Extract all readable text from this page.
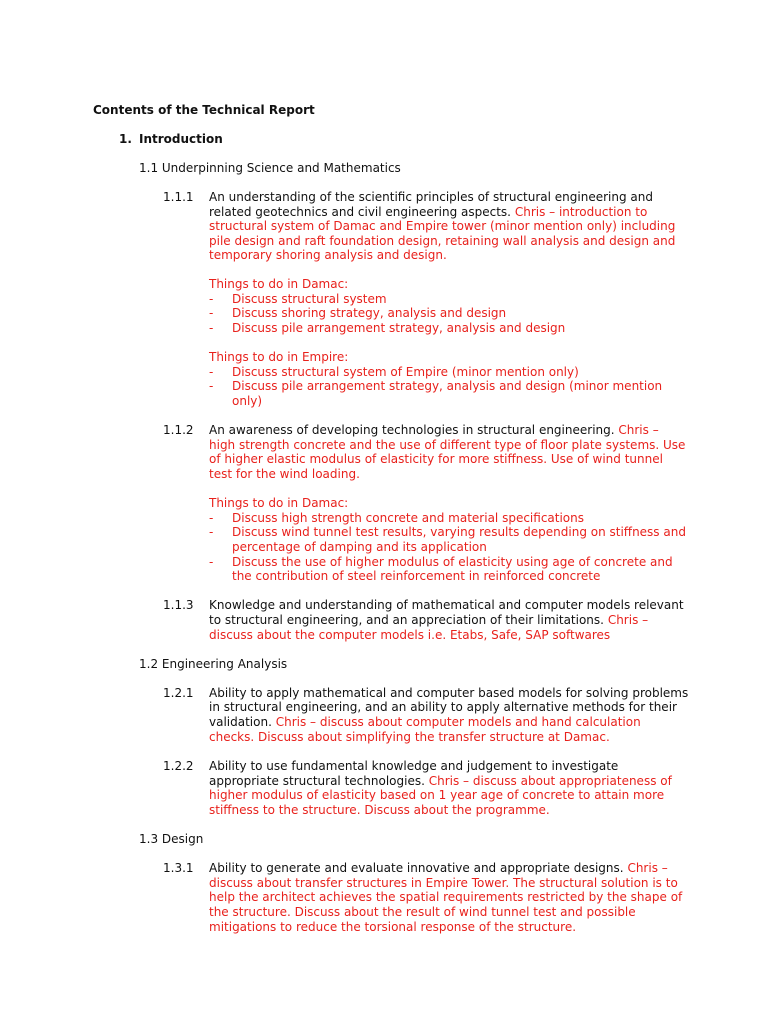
Contents of the Technical Report
1. Introduction
1.1 Underpinning Science and Mathematics
1.1.1 An understanding of the scientific principles of structural engineering and
related geotechnics and civil engineering aspects. Chris – introduction to
structural system of Damac and Empire tower (minor mention only) including
pile design and raft foundation design, retaining wall analysis and design and
temporary shoring analysis and design.
Things to do in Damac:
- Discuss structural system
- Discuss shoring strategy, analysis and design
- Discuss pile arrangement strategy, analysis and design
Things to do in Empire:
- Discuss structural system of Empire (minor mention only)
- Discuss pile arrangement strategy, analysis and design (minor mention
only)
1.1.2 An awareness of developing technologies in structural engineering. Chris –
high strength concrete and the use of different type of floor plate systems. Use
of higher elastic modulus of elasticity for more stiffness. Use of wind tunnel
test for the wind loading.
Things to do in Damac:
- Discuss high strength concrete and material specifications
- Discuss wind tunnel test results, varying results depending on stiffness and
percentage of damping and its application
- Discuss the use of higher modulus of elasticity using age of concrete and
the contribution of steel reinforcement in reinforced concrete
1.1.3 Knowledge and understanding of mathematical and computer models relevant
to structural engineering, and an appreciation of their limitations. Chris –
discuss about the computer models i.e. Etabs, Safe, SAP softwares
1.2 Engineering Analysis
1.2.1 Ability to apply mathematical and computer based models for solving problems
in structural engineering, and an ability to apply alternative methods for their
validation. Chris – discuss about computer models and hand calculation
checks. Discuss about simplifying the transfer structure at Damac.
1.2.2 Ability to use fundamental knowledge and judgement to investigate
appropriate structural technologies. Chris – discuss about appropriateness of
higher modulus of elasticity based on 1 year age of concrete to attain more
stiffness to the structure. Discuss about the programme.
1.3 Design
1.3.1 Ability to generate and evaluate innovative and appropriate designs. Chris –
discuss about transfer structures in Empire Tower. The structural solution is to
help the architect achieves the spatial requirements restricted by the shape of
the structure. Discuss about the result of wind tunnel test and possible
mitigations to reduce the torsional response of the structure.
